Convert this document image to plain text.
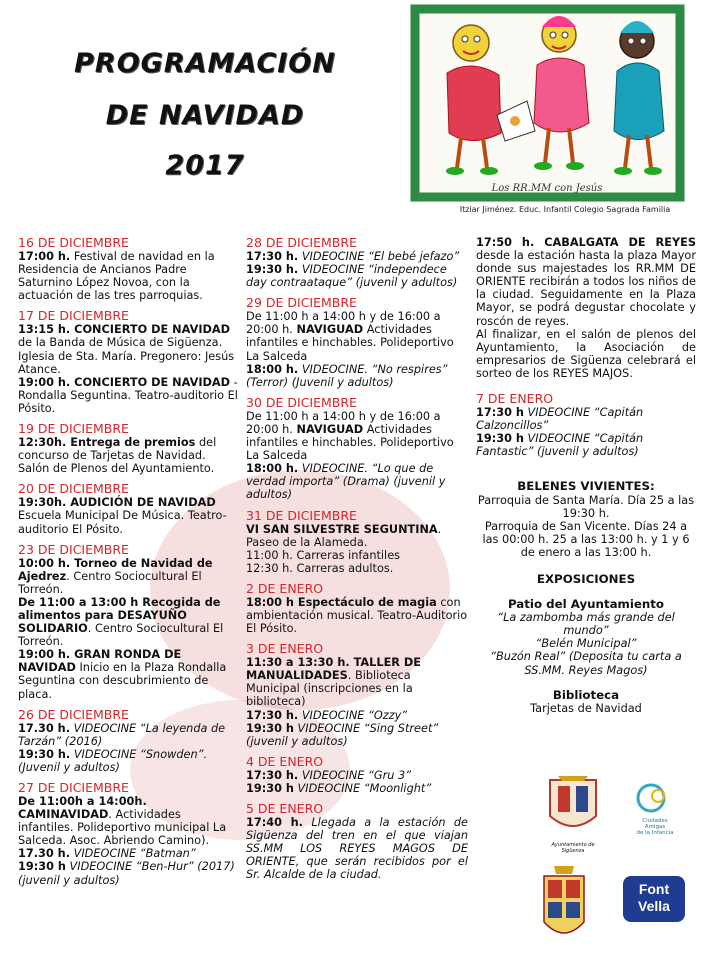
PROGRAMACIÓN
DE NAVIDAD
2017
Los RR.MM con Jesús
Itziar Jiménez. Educ. Infantil Colegio Sagrada Familia
16 DE DICIEMBRE
17:00 h. Festival de navidad en la Residencia de Ancianos Padre Saturnino López Novoa, con la actuación de las tres parroquias.
17 DE DICIEMBRE
13:15 h. CONCIERTO DE NAVIDAD de la Banda de Música de Sigüenza. Iglesia de Sta. María. Pregonero: Jesús Atance.
19:00 h. CONCIERTO DE NAVIDAD -Rondalla Seguntina. Teatro-auditorio El Pósito.
19 DE DICIEMBRE
12:30h. Entrega de premios del concurso de Tarjetas de Navidad. Salón de Plenos del Ayuntamiento.
20 DE DICIEMBRE
19:30h. AUDICIÓN DE NAVIDAD Escuela Municipal De Música. Teatro-auditorio El Pósito.
23 DE DICIEMBRE
10:00 h. Torneo de Navidad de Ajedrez. Centro Sociocultural El Torreón.
De 11:00 a 13:00 h Recogida de alimentos para DESAYUÑO SOLIDARIO. Centro Sociocultural El Torreón.
19:00 h. GRAN RONDA DE NAVIDAD Inicio en la Plaza Rondalla Seguntina con descubrimiento de placa.
26 DE DICIEMBRE
17.30 h. VIDEOCINE “La leyenda de Tarzán” (2016)
19:30 h. VIDEOCINE “Snowden”. (Juvenil y adultos)
27 DE DICIEMBRE
De 11:00h a 14:00h.
CAMINAVIDAD. Actividades infantiles. Polideportivo municipal La Salceda. Asoc. Abriendo Camino).
17.30 h. VIDEOCINE “Batman”
19:30 h VIDEOCINE “Ben-Hur” (2017) (juvenil y adultos)
28 DE DICIEMBRE
17:30 h. VIDEOCINE “El bebé jefazo”
19:30 h. VIDEOCINE “independece day contraataque” (juvenil y adultos)
29 DE DICIEMBRE
De 11:00 h a 14:00 h y de 16:00 a 20:00 h. NAVIGUAD Actividades infantiles e hinchables. Polideportivo La Salceda
18:00 h. VIDEOCINE. “No respires” (Terror) (Juvenil y adultos)
30 DE DICIEMBRE
De 11:00 h a 14:00 h y de 16:00 a 20:00 h. NAVIGUAD Actividades infantiles e hinchables. Polideportivo La Salceda
18:00 h. VIDEOCINE. “Lo que de verdad importa” (Drama) (juvenil y adultos)
31 DE DICIEMBRE
VI SAN SILVESTRE SEGUNTINA. Paseo de la Alameda.
11:00 h. Carreras infantiles
12:30 h. Carreras adultos.
2 DE ENERO
18:00 h Espectáculo de magia con ambientación musical. Teatro-Auditorio El Pósito.
3 DE ENERO
11:30 a 13:30 h. TALLER DE MANUALIDADES. Biblioteca Municipal (inscripciones en la biblioteca)
17:30 h. VIDEOCINE “Ozzy”
19:30 h VIDEOCINE “Sing Street” (juvenil y adultos)
4 DE ENERO
17:30 h. VIDEOCINE “Gru 3”
19:30 h VIDEOCINE “Moonlight”
5 DE ENERO
17:40 h. Llegada a la estación de Sigüenza del tren en el que viajan SS.MM LOS REYES MAGOS DE ORIENTE, que serán recibidos por el Sr. Alcalde de la ciudad.
17:50 h. CABALGATA DE REYES desde la estación hasta la plaza Mayor donde sus majestades los RR.MM DE ORIENTE recibirán a todos los niños de la ciudad. Seguidamente en la Plaza Mayor, se podrá degustar chocolate y roscón de reyes.
Al finalizar, en el salón de plenos del Ayuntamiento, la Asociación de empresarios de Sigüenza celebrará el sorteo de los REYES MAJOS.
7 DE ENERO
17:30 h VIDEOCINE “Capitán Calzoncillos”
19:30 h VIDEOCINE “Capitán Fantastic” (juvenil y adultos)
BELENES VIVIENTES:
Parroquia de Santa María. Día 25 a las 19:30 h.
Parroquia de San Vicente. Días 24 a las 00:00 h. 25 a las 13:00 h. y 1 y 6 de enero a las 13:00 h.
EXPOSICIONES
Patio del Ayuntamiento
“La zambomba más grande del mundo”
“Belén Municipal”
“Buzón Real” (Deposita tu carta a SS.MM. Reyes Magos)
Biblioteca
Tarjetas de Navidad
Ayuntamiento de Sigüenza
Ciudades
Amigas
de la Infancia
Font
Vella
